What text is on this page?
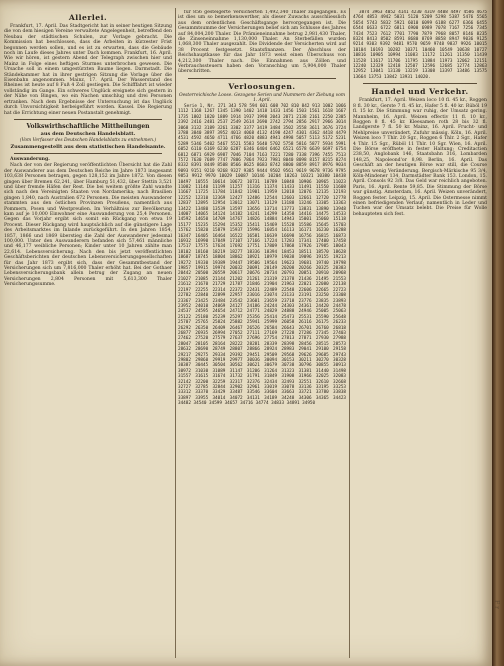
Allerlei.
Frankfurt, 17. April. Das Stadtgericht hat in seiner heutigen Sitzung die von dem hiesigen Vereine verwaltete Angelegenheit, betreffend den Neubau der städtischen Schulen, zur Vorlage gebracht. Die Kommission hat beschlossen, dass die Arbeiten in kürzester Frist begonnen werden sollen, und es ist zu erwarten, dass die Gebäude noch im Laufe dieses Jahres unter Dach kommen. Frankfurt, 16. April. Wie wir hören, ist gestern Abend der Telegraph zwischen hier und Mainz in Folge eines heftigen Sturmes unterbrochen gewesen. Die Ursache soll in einem umgestürzten Baume liegen. Darmstadt. Die Ständekammer hat in ihrer gestrigen Sitzung die Vorlage über die Eisenbahn angenommen. Mainz, 17. April. Der Wasserstand des Rheines ist heute auf 8 Fuß 4 Zoll gestiegen. Die Schifffahrt ist wieder vollständig im Gange. Ein schweres Unglück ereignete sich gestern in der Nähe von Bingen, wo ein Nachen umschlug und drei Personen ertranken. Nach dem Ergebnisse der Untersuchung ist das Unglück durch Unvorsichtigkeit herbeigeführt worden. Kassel. Die Regierung hat die Errichtung einer neuen Postanstalt genehmigt.
Volkswirthschaftliche Mittheilungen
aus dem Deutschen Handelsblatt.
(Vom Verfasser des Deutschen Handelsblatts zu entnehmen.)
Zusammengestellt aus dem statistischen Handelsamte.
Auswanderung.
Nach der von der Regierung veröffentlichten Übersicht hat die Zahl der Auswanderer aus dem Deutschen Reiche im Jahre 1873 insgesamt 103,638 Personen betragen, gegen 128,152 im Jahre 1872. Von diesen gingen über Bremen 62,241, über Hamburg 51,432, über Stettin 3,521 und über fremde Häfen der Rest. Die bei weitem größte Zahl wandte sich nach den Vereinigten Staaten von Nordamerika; nach Brasilien gingen 1,840, nach Australien 672 Personen. Die meisten Auswanderer stammten aus den östlichen Provinzen Preußens, namentlich aus Pommern, Posen und Westpreußen. Im Verhältniss zur Bevölkerung kam auf je 10,000 Einwohner eine Auswanderung von 25,4 Personen. Gegen das Vorjahr ergibt sich somit ein Rückgang von etwa 19 Procent. Dieser Rückgang wird hauptsächlich auf die günstigere Lage des Arbeitsmarktes im Inlande zurückgeführt. In den Jahren 1854, 1857, 1866 und 1869 überstieg die Zahl der Auswanderer jedesmal 100,000. Unter den Auswanderern befanden sich 57,461 männliche und 46,177 weibliche Personen; Kinder unter 10 Jahren zählte man 22,614. Lebensversicherung. Nach den bis jetzt veröffentlichten Geschäftsberichten der deutschen Lebensversicherungsgesellschaften für das Jahr 1873 ergibt sich, dass der Gesammtbestand der Versicherungen sich um 7,816,000 Thaler erhöht hat. Bei der Gothaer Lebensversicherungsbank allein betrug der Zugang an neuen Versicherungen 2,804 Personen mit 5,613,300 Thaler Versicherungssumme.
für 856 gesteigerte Versicherten 1,492,340 Thaler zugegangen. Es ist dies um so bemerkenswerther, als dieser Zuwachs ausschliesslich aus dem ordentlichen Geschäftsgange hervorgegangen ist. Die Gesammtsumme der Versicherungen belief sich am Schlusse des Jahres auf 84,004,200 Thaler. Die Prämieneinnahme betrug 2,981,430 Thaler, die Zinseneinnahme 1,130,000 Thaler. An Sterbefällen wurden 1,068,300 Thaler ausgezahlt. Die Dividende der Versicherten wird auf 38 Procent festgesetzt. Staatsfinanzen. Der Abschluss der Reichshauptkasse für das Jahr 1873 weist einen Überschuss von 4,212,300 Thaler nach. Die Einnahmen aus Zöllen und Verbrauchssteuern haben den Voranschlag um 5,904,000 Thaler überschritten.
Verloosungen.
Oesterreichische Loose. Gezogene Serien und Nummern der Ziehung vom 1. April.
Serie 1, Nr. 271 343 578 594 601 608 702 810 842 913 1002 1066 1112 1168 1267 1345 1390 1402 1418 1433 1456 1503 1561 1618 1667 1735 1802 1820 1889 1914 1937 1998 2043 2071 2138 2161 2250 2305 2392 2416 2481 2537 2549 2614 2690 2742 2794 2856 2917 2966 3014 3068 3132 3189 3261 3302 3377 3419 3484 3502 3558 3611 3676 3724 3788 3840 3897 3952 4013 4068 4132 4190 4247 4301 4362 4418 4479 4531 4592 4650 4711 4766 4820 4883 4941 4998 5057 5113 5172 5231 5289 5346 5402 5467 5521 5583 5640 5702 5758 5816 5877 5934 5991 6052 6110 6169 6230 6287 6346 6404 6462 6521 6578 6639 6697 6754 6812 6871 6929 6987 7046 7104 7163 7221 7280 7338 7396 7455 7513 7572 7630 7689 7747 7806 7864 7923 7981 8040 8098 8157 8215 8274 8332 8391 8449 8508 8566 8625 8683 8742 8800 8859 8917 8976 9034 9093 9151 9210 9268 9327 9385 9444 9502 9561 9619 9678 9736 9795 9853 9912 9970 10029 10087 10146 10204 10263 10321 10380 10438 10497 10555 10614 10672 10731 10789 10848 10906 10965 11023 11082 11140 11199 11257 11316 11374 11433 11491 11550 11608 11667 11725 11784 11842 11901 11959 12018 12076 12135 12193 12252 12310 12369 12427 12486 12544 12603 12661 12720 12778 12837 12895 12954 13012 13071 13129 13188 13246 13305 13363 13422 13480 13539 13597 13656 13714 13773 13831 13890 13948 14007 14065 14124 14182 14241 14299 14358 14416 14475 14533 14592 14650 14709 14767 14826 14884 14943 15001 15060 15118 15177 15235 15294 15352 15411 15469 15528 15586 15645 15703 15762 15820 15879 15937 15996 16054 16113 16171 16230 16288 16347 16405 16464 16522 16581 16639 16698 16756 16815 16873 16932 16990 17049 17107 17166 17224 17283 17341 17400 17458 17517 17575 17634 17692 17751 17809 17868 17926 17985 18043 18102 18160 18219 18277 18336 18394 18453 18511 18570 18628 18687 18745 18804 18862 18921 18979 19038 19096 19155 19213 19272 19330 19389 19447 19506 19564 19623 19681 19740 19798 19857 19915 19974 20032 20091 20149 20208 20266 20325 20383 20442 20500 20559 20617 20676 20734 20793 20851 20910 20968 21027 21085 21144 21202 21261 21319 21378 21436 21495 21553 21612 21670 21729 21787 21846 21904 21963 22021 22080 22138 22197 22255 22314 22372 22431 22489 22548 22606 22665 22723 22782 22840 22899 22957 23016 23074 23133 23191 23250 23308 23367 23425 23484 23542 23601 23659 23718 23776 23835 23893 23952 24010 24069 24127 24186 24244 24303 24361 24420 24478 24537 24595 24654 24712 24771 24829 24888 24946 25005 25063 25122 25180 25239 25297 25356 25414 25473 25531 25590 25648 25707 25765 25824 25882 25941 25999 26058 26116 26175 26233 26292 26350 26409 26467 26526 26584 26643 26701 26760 26818 26877 26935 26994 27052 27111 27169 27228 27286 27345 27403 27462 27520 27579 27637 27696 27754 27813 27871 27930 27988 28047 28105 28164 28222 28281 28339 28398 28456 28515 28573 28632 28690 28749 28807 28866 28924 28983 29041 29100 29158 29217 29275 29334 29392 29451 29509 29568 29626 29685 29743 29802 29860 29919 29977 30036 30094 30153 30211 30270 30328 30387 30445 30504 30562 30621 30679 30738 30796 30855 30913 30972 31030 31089 31147 31206 31264 31323 31381 31440 31498 31557 31615 31674 31732 31791 31849 31908 31966 32025 32083 32142 32200 32259 32317 32376 32434 32493 32551 32610 32668 32727 32785 32844 32902 32961 33019 33078 33136 33195 33253 33312 33370 33429 33487 33546 33604 33663 33721 33780 33838 33897 33955 34014 34072 34131 34189 34248 34306 34365 34423 34482 34540 34599 34657 34716 34774 34833 34891 34950
3874 3963 4052 4141 4230 4319 4408 4497 4586 4675 4764 4853 4942 5031 5120 5209 5298 5387 5476 5565 5654 5743 5832 5921 6010 6099 6188 6277 6366 6455 6544 6633 6722 6811 6900 6989 7078 7167 7256 7345 7434 7523 7612 7701 7790 7879 7968 8057 8146 8235 8324 8413 8502 8591 8680 8769 8858 8947 9036 9125 9214 9303 9392 9481 9570 9659 9748 9837 9926 10015 10104 10193 10282 10371 10460 10549 10638 10727 10816 10905 10994 11083 11172 11261 11350 11439 11528 11617 11706 11795 11884 11973 12062 12151 12240 12329 12418 12507 12596 12685 12774 12863 12952 13041 13130 13219 13308 13397 13486 13575 13664 13753 13842 13931 14020.
Handel und Verkehr.
Frankfurt, 17. April. Weizen loco 10 fl. 45 kr., Roggen 8 fl. 30 kr., Gerste 7 fl. 45 kr., Hafer 5 fl. 40 kr. Rüböl 19 fl. 15 kr. Die Stimmung war ruhig, der Umsatz gering. Mannheim, 16. April. Weizen effectiv 11 fl. 10 kr., Roggen 8 fl. 45 kr. Kleesamen roth 28 bis 32 fl. Landgerste 7 fl. 50 kr. Mainz, 16. April. Frucht- und Mehlpreise unverändert, Zufuhr mässig. Köln, 16. April. Weizen loco 7 Thlr. 20 Sgr., Roggen 6 Thlr. 2 Sgr., Hafer 4 Thlr. 15 Sgr., Rüböl 11 Thlr. 10 Sgr. Wien, 16. April. Die Börse eröffnete in fester Haltung; Creditactien 238,50, Anglobank 146, Staatsbahn 316, Lombarden 148,25, Napoleond'or 8,98. Berlin, 16. April. Das Geschäft an der heutigen Börse war still, die Course zeigten wenig Veränderung. Bergisch-Märkische 95 3/4, Köln-Mindener 134, Darmstädter Bank 153. London, 15. April. Consols 92 3/8. Das Geld war reichlich angeboten. Paris, 16. April. Rente 59,85. Die Stimmung der Börse war günstig. Amsterdam, 16. April. Weizen unverändert, Roggen fester. Leipzig, 15. April. Die Ostermesse nimmt einen befriedigenden Verlauf; namentlich in Leder und Tuchen war der Umsatz belebt. Die Preise für Wolle behaupteten sich fest.
Fr
